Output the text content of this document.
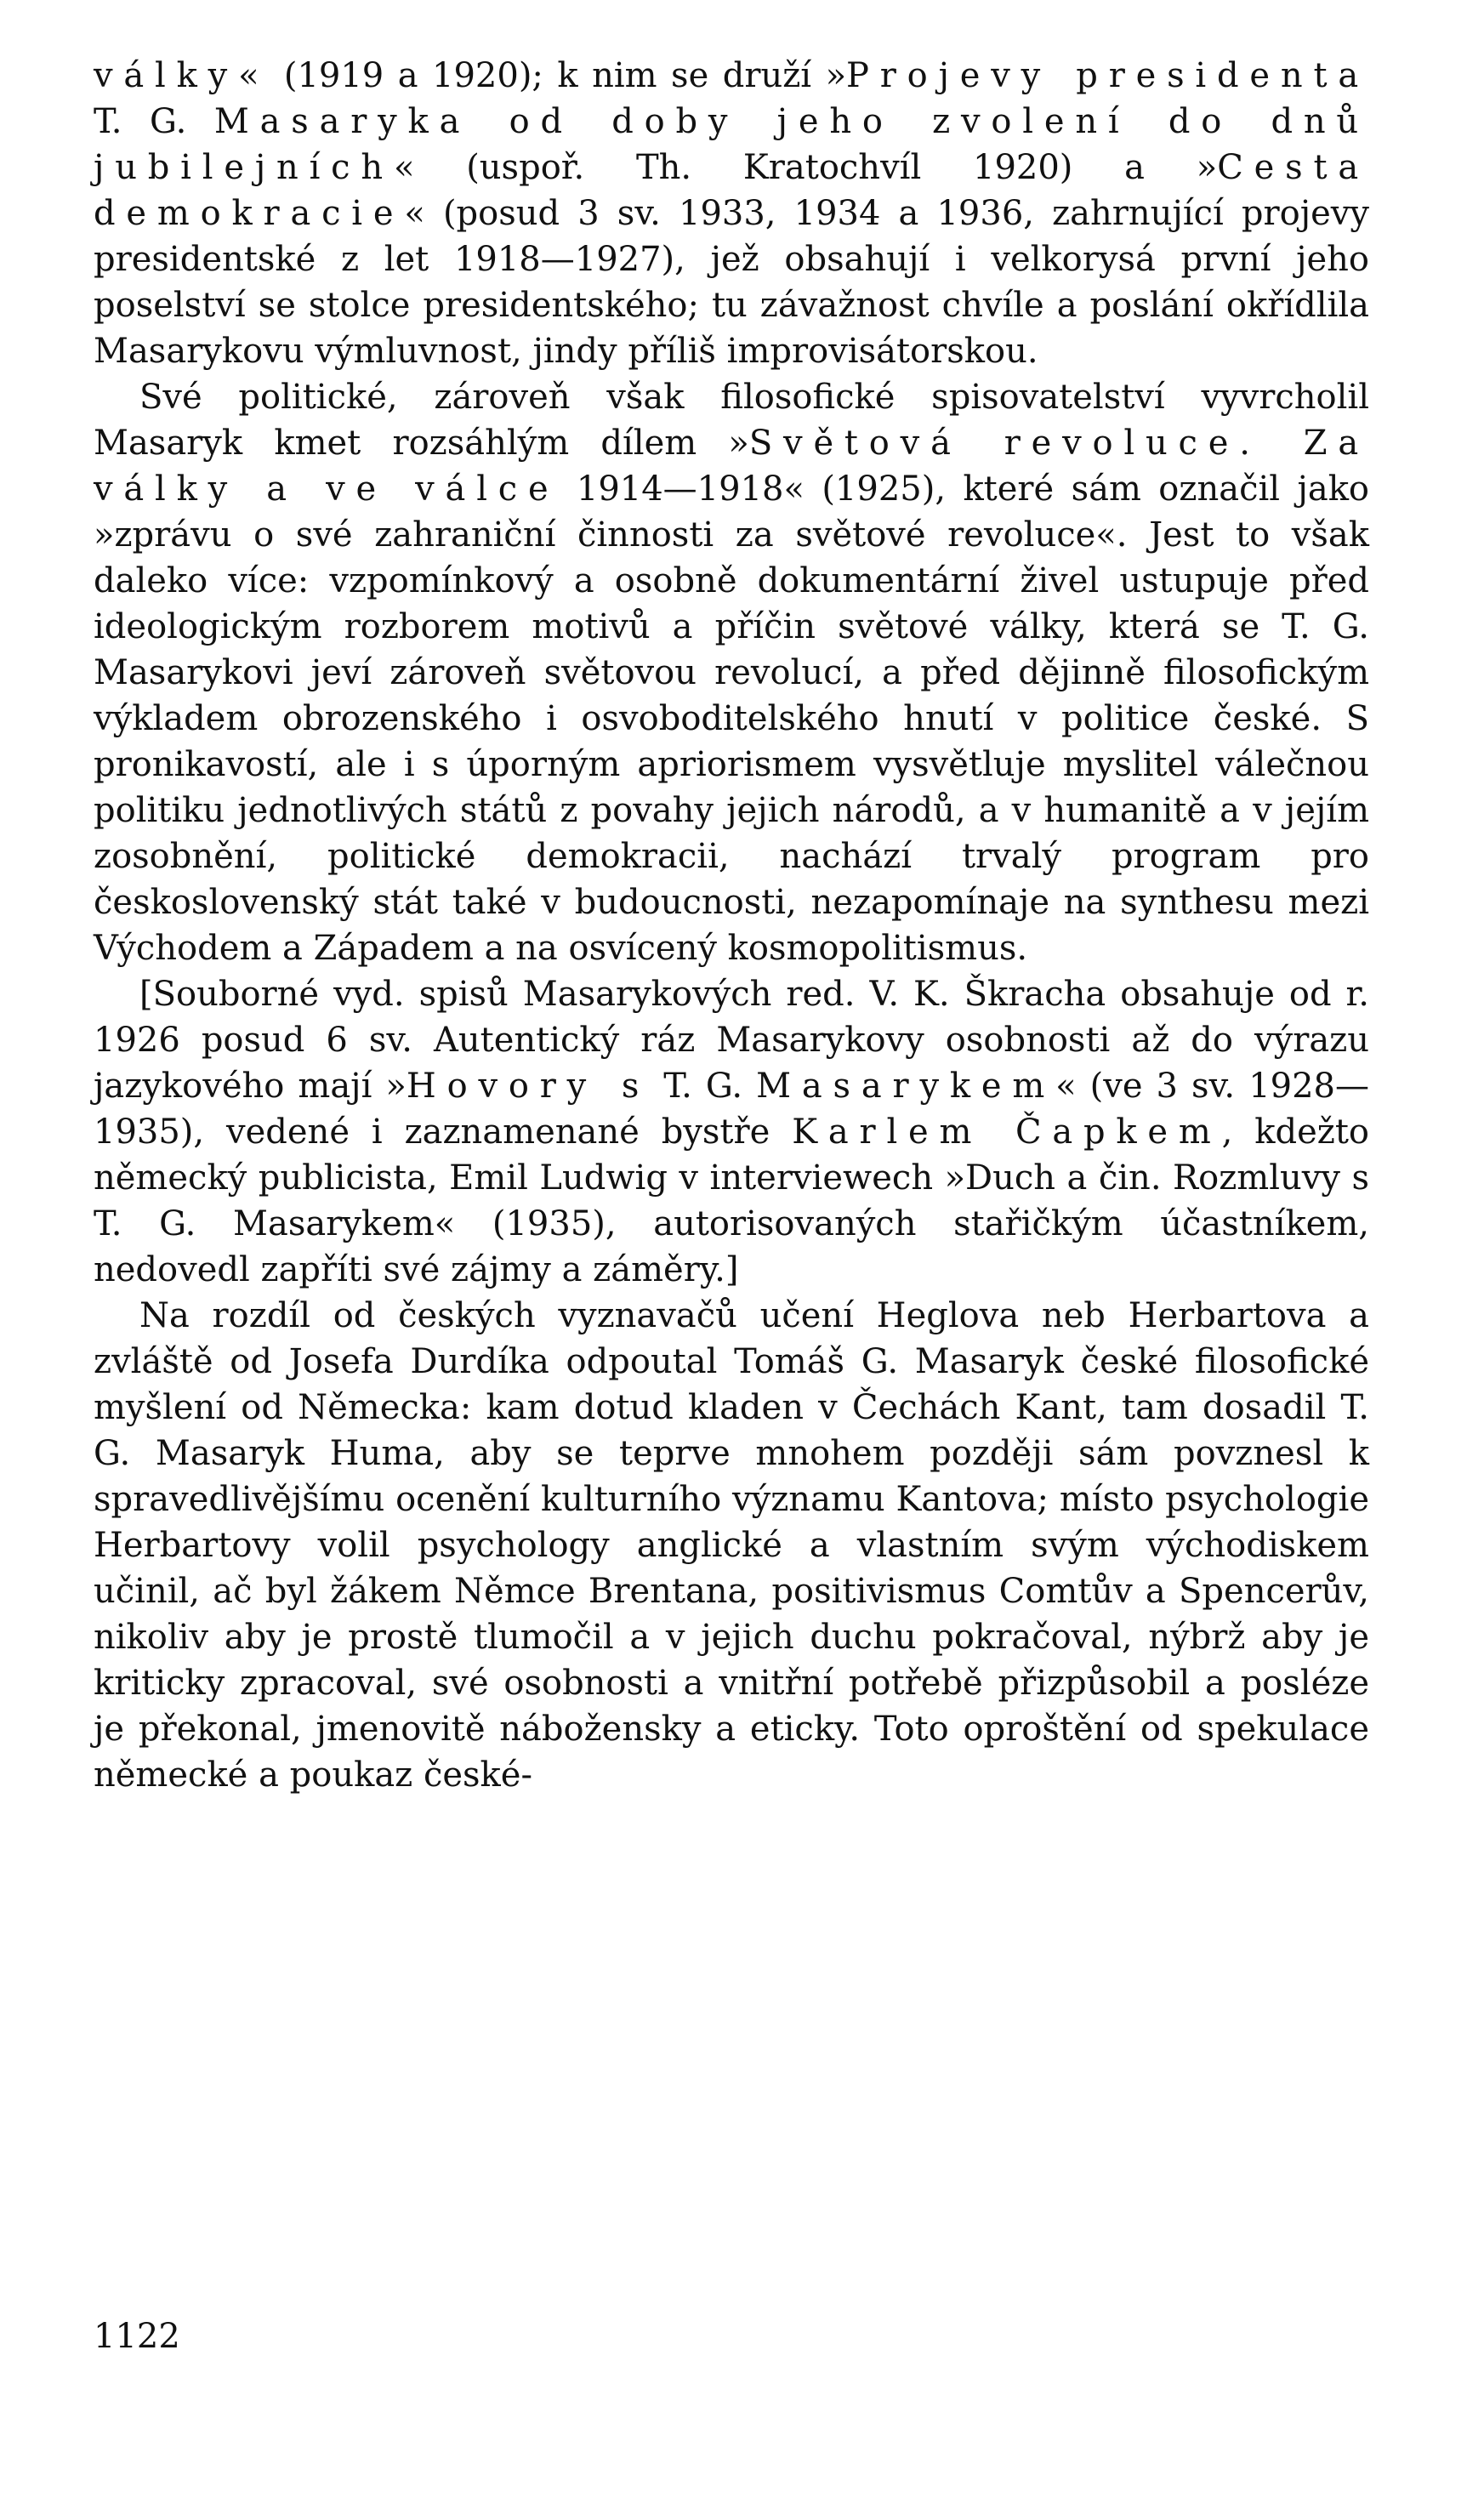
války« (1919 a 1920); k nim se druží »Projevy presidenta T. G. Masaryka od doby jeho zvolení do dnů jubilejních« (uspoř. Th. Kratochvíl 1920) a »Cesta demokracie« (posud 3 sv. 1933, 1934 a 1936, zahrnující projevy presidentské z let 1918—1927), jež obsahují i velkorysá první jeho poselství se stolce presidentského; tu závažnost chvíle a poslání okřídlila Masarykovu výmluvnost, jindy příliš improvisátorskou.

Své politické, zároveň však filosofické spisovatelství vyvrcholil Masaryk kmet rozsáhlým dílem »Světová revoluce. Za války a ve válce 1914—1918« (1925), které sám označil jako »zprávu o své zahraniční činnosti za světové revoluce«. Jest to však daleko více: vzpomínkový a osobně dokumentární živel ustupuje před ideologickým rozborem motivů a příčin světové války, která se T. G. Masarykovi jeví zároveň světovou revolucí, a před dějinně filosofickým výkladem obrozenského i osvoboditelského hnutí v politice české. S pronikavostí, ale i s úporným apriorismem vysvětluje myslitel válečnou politiku jednotlivých států z povahy jejich národů, a v humanitě a v jejím zosobnění, politické demokracii, nachází trvalý program pro československý stát také v budoucnosti, nezapomínaje na synthesu mezi Východem a Západem a na osvícený kosmopolitismus.

[Souborné vyd. spisů Masarykových red. V. K. Škracha obsahuje od r. 1926 posud 6 sv. Autentický ráz Masarykovy osobnosti až do výrazu jazykového mají »Hovory s T. G. Masarykem« (ve 3 sv. 1928—1935), vedené i zaznamenané bystře Karlem Čapkem, kdežto německý publicista, Emil Ludwig v interviewech »Duch a čin. Rozmluvy s T. G. Masarykem« (1935), autorisovaných stařičkým účastníkem, nedovedl zapříti své zájmy a záměry.]

Na rozdíl od českých vyznavačů učení Heglova neb Herbartova a zvláště od Josefa Durdíka odpoutal Tomáš G. Masaryk české filosofické myšlení od Německa: kam dotud kladen v Čechách Kant, tam dosadil T. G. Masaryk Huma, aby se teprve mnohem později sám povznesl k spravedlivějšímu ocenění kulturního významu Kantova; místo psychologie Herbartovy volil psychology anglické a vlastním svým východiskem učinil, ač byl žákem Němce Brentana, positivismus Comtův a Spencerův, nikoliv aby je prostě tlumočil a v jejich duchu pokračoval, nýbrž aby je kriticky zpracoval, své osobnosti a vnitřní potřebě přizpůsobil a posléze je překonal, jmenovitě nábožensky a eticky. Toto oproštění od spekulace německé a poukaz české-

1122
